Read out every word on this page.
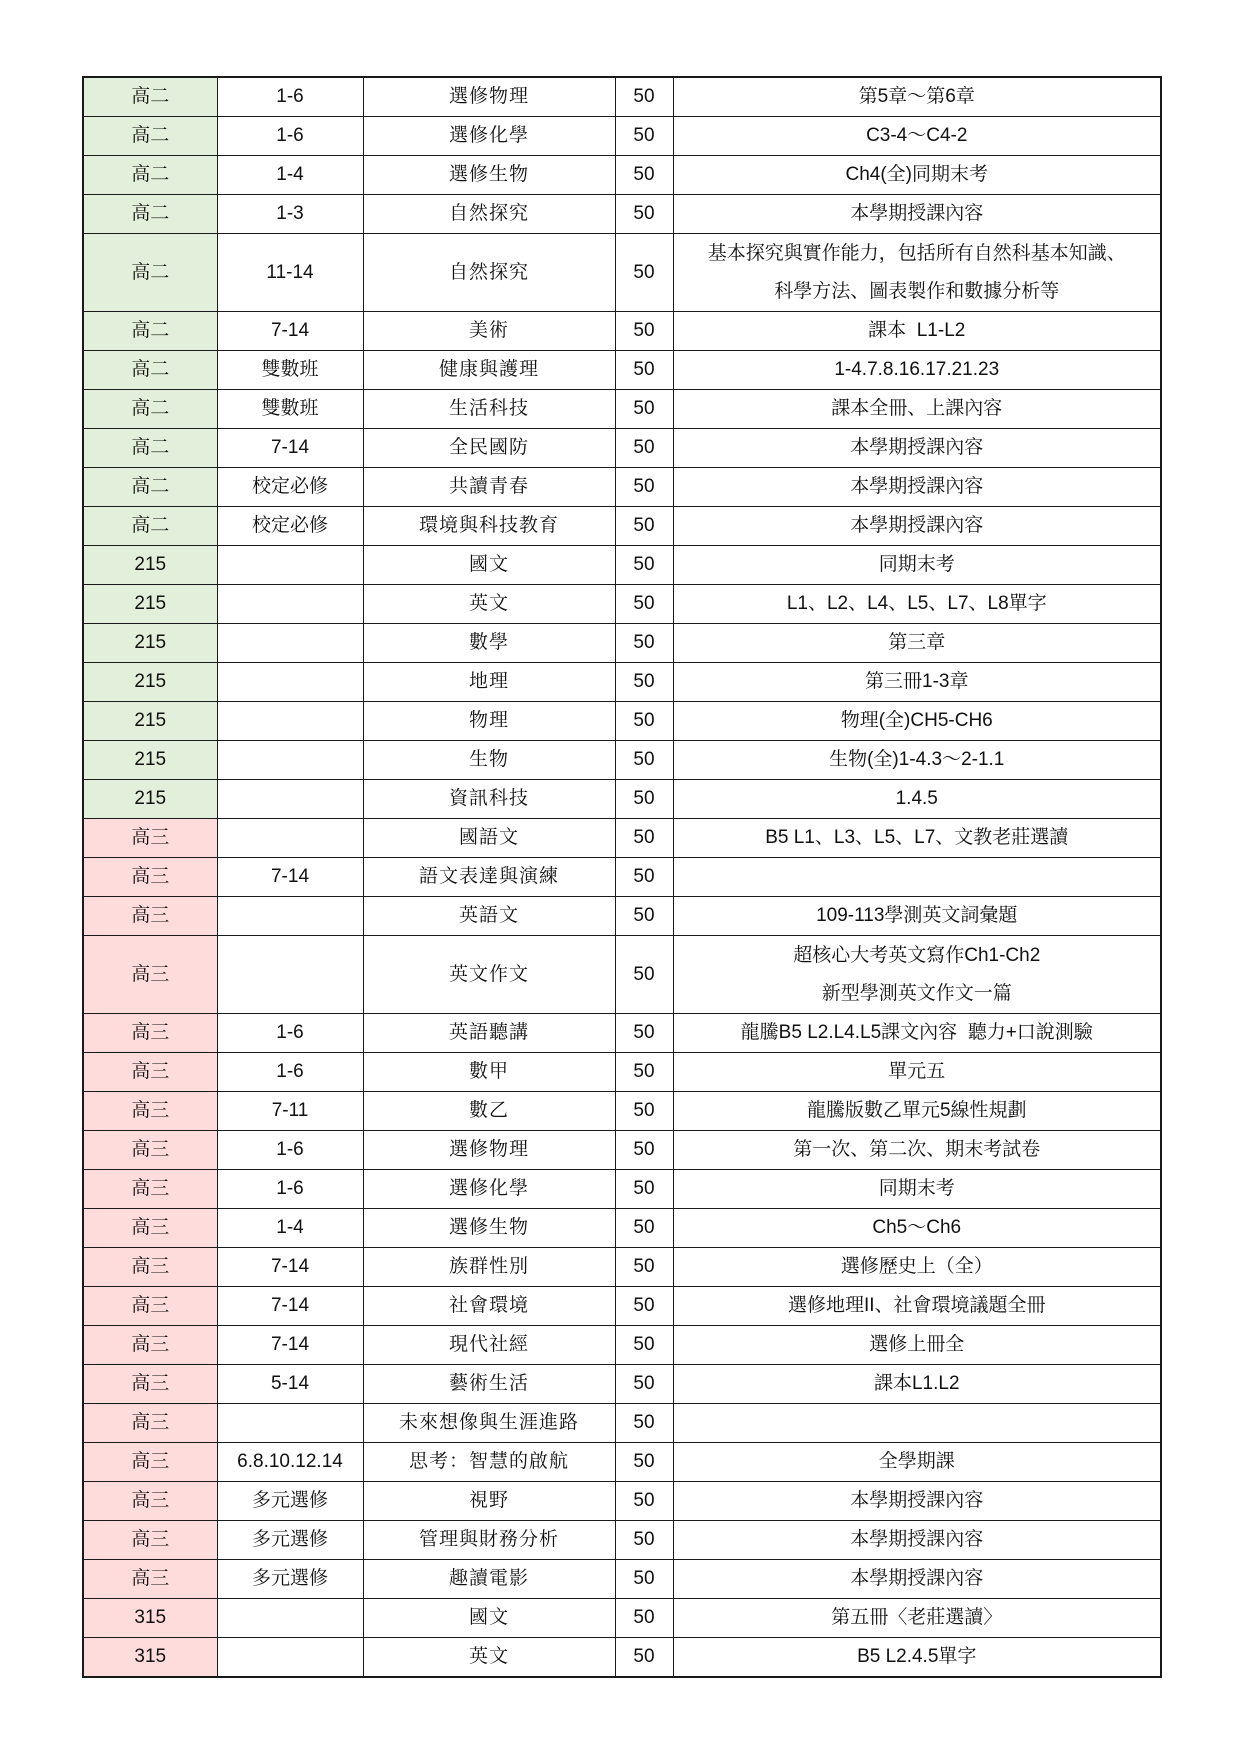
高二	1-6	選修物理	50	第5章～第6章

高二	1-6	選修化學	50	C3-4～C4-2

高二	1-4	選修生物	50	Ch4(全)同期末考

高二	1-3	自然探究	50	本學期授課內容

高二	11-14	自然探究	50	基本探究與實作能力，包括所有自然科基本知識、
科學方法、圖表製作和數據分析等

高二	7-14	美術	50	課本  L1-L2

高二	雙數班	健康與護理	50	1-4.7.8.16.17.21.23

高二	雙數班	生活科技	50	課本全冊、上課內容

高二	7-14	全民國防	50	本學期授課內容

高二	校定必修	共讀青春	50	本學期授課內容

高二	校定必修	環境與科技教育	50	本學期授課內容

215		國文	50	同期末考

215		英文	50	L1、L2、L4、L5、L7、L8單字

215		數學	50	第三章

215		地理	50	第三冊1-3章

215		物理	50	物理(全)CH5-CH6

215		生物	50	生物(全)1-4.3～2-1.1

215		資訊科技	50	1.4.5

高三		國語文	50	B5 L1、L3、L5、L7、文教老莊選讀

高三	7-14	語文表達與演練	50	

高三		英語文	50	109-113學測英文詞彙題

高三		英文作文	50	超核心大考英文寫作Ch1-Ch2
新型學測英文作文一篇

高三	1-6	英語聽講	50	龍騰B5 L2.L4.L5課文內容  聽力+口說測驗

高三	1-6	數甲	50	單元五

高三	7-11	數乙	50	龍騰版數乙單元5線性規劃

高三	1-6	選修物理	50	第一次、第二次、期末考試卷

高三	1-6	選修化學	50	同期末考

高三	1-4	選修生物	50	Ch5～Ch6

高三	7-14	族群性別	50	選修歷史上（全）

高三	7-14	社會環境	50	選修地理II、社會環境議題全冊

高三	7-14	現代社經	50	選修上冊全

高三	5-14	藝術生活	50	課本L1.L2

高三		未來想像與生涯進路	50	

高三	6.8.10.12.14	思考：智慧的啟航	50	全學期課

高三	多元選修	視野	50	本學期授課內容

高三	多元選修	管理與財務分析	50	本學期授課內容

高三	多元選修	趣讀電影	50	本學期授課內容

315		國文	50	第五冊〈老莊選讀〉

315		英文	50	B5 L2.4.5單字
